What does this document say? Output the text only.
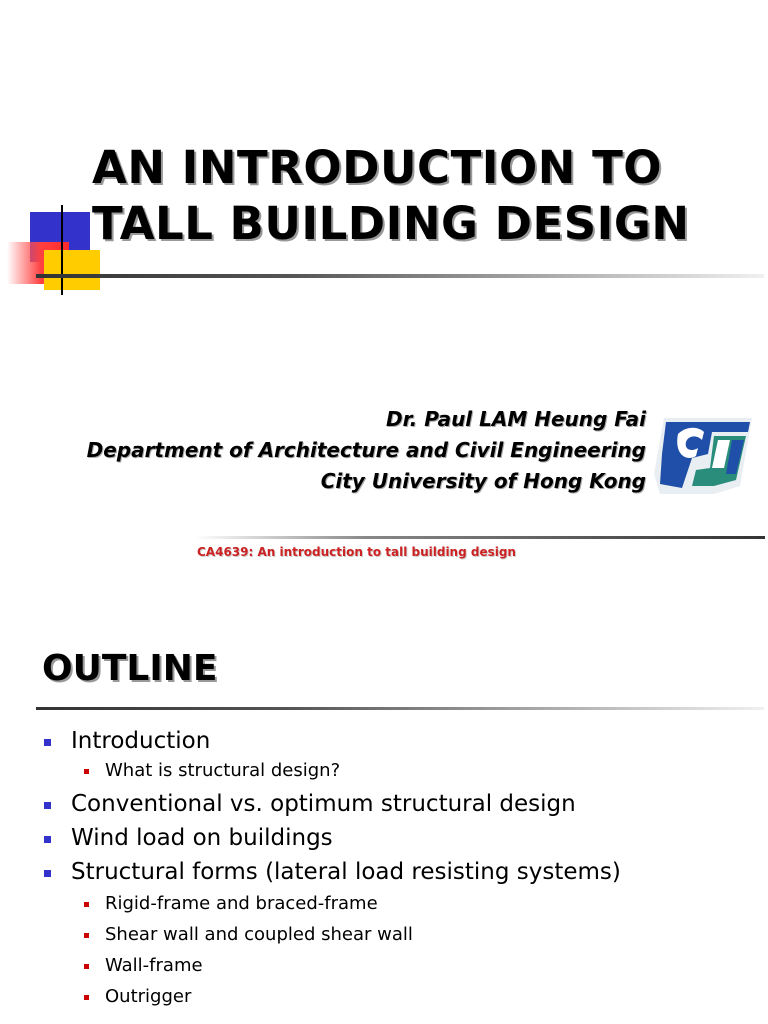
AN INTRODUCTION TO
TALL BUILDING DESIGN
Dr. Paul LAM Heung Fai
Department of Architecture and Civil Engineering
City University of Hong Kong
CA4639: An introduction to tall building design
OUTLINE
Introduction
What is structural design?
Conventional vs. optimum structural design
Wind load on buildings
Structural forms (lateral load resisting systems)
Rigid-frame and braced-frame
Shear wall and coupled shear wall
Wall-frame
Outrigger
